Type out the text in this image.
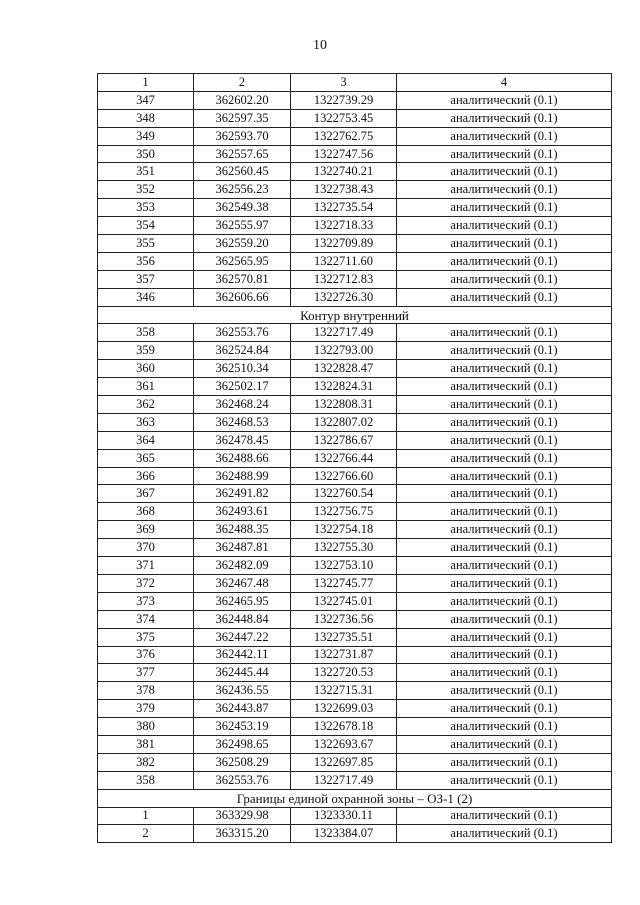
10
1	2	3	4
347	362602.20	1322739.29	аналитический (0.1)
348	362597.35	1322753.45	аналитический (0.1)
349	362593.70	1322762.75	аналитический (0.1)
350	362557.65	1322747.56	аналитический (0.1)
351	362560.45	1322740.21	аналитический (0.1)
352	362556.23	1322738.43	аналитический (0.1)
353	362549.38	1322735.54	аналитический (0.1)
354	362555.97	1322718.33	аналитический (0.1)
355	362559.20	1322709.89	аналитический (0.1)
356	362565.95	1322711.60	аналитический (0.1)
357	362570.81	1322712.83	аналитический (0.1)
346	362606.66	1322726.30	аналитический (0.1)
Контур внутренний			
358	362553.76	1322717.49	аналитический (0.1)
359	362524.84	1322793.00	аналитический (0.1)
360	362510.34	1322828.47	аналитический (0.1)
361	362502.17	1322824.31	аналитический (0.1)
362	362468.24	1322808.31	аналитический (0.1)
363	362468.53	1322807.02	аналитический (0.1)
364	362478.45	1322786.67	аналитический (0.1)
365	362488.66	1322766.44	аналитический (0.1)
366	362488.99	1322766.60	аналитический (0.1)
367	362491.82	1322760.54	аналитический (0.1)
368	362493.61	1322756.75	аналитический (0.1)
369	362488.35	1322754.18	аналитический (0.1)
370	362487.81	1322755.30	аналитический (0.1)
371	362482.09	1322753.10	аналитический (0.1)
372	362467.48	1322745.77	аналитический (0.1)
373	362465.95	1322745.01	аналитический (0.1)
374	362448.84	1322736.56	аналитический (0.1)
375	362447.22	1322735.51	аналитический (0.1)
376	362442.11	1322731.87	аналитический (0.1)
377	362445.44	1322720.53	аналитический (0.1)
378	362436.55	1322715.31	аналитический (0.1)
379	362443.87	1322699.03	аналитический (0.1)
380	362453.19	1322678.18	аналитический (0.1)
381	362498.65	1322693.67	аналитический (0.1)
382	362508.29	1322697.85	аналитический (0.1)
358	362553.76	1322717.49	аналитический (0.1)
Границы единой охранной зоны – ОЗ-1 (2)			
1	363329.98	1323330.11	аналитический (0.1)
2	363315.20	1323384.07	аналитический (0.1)
